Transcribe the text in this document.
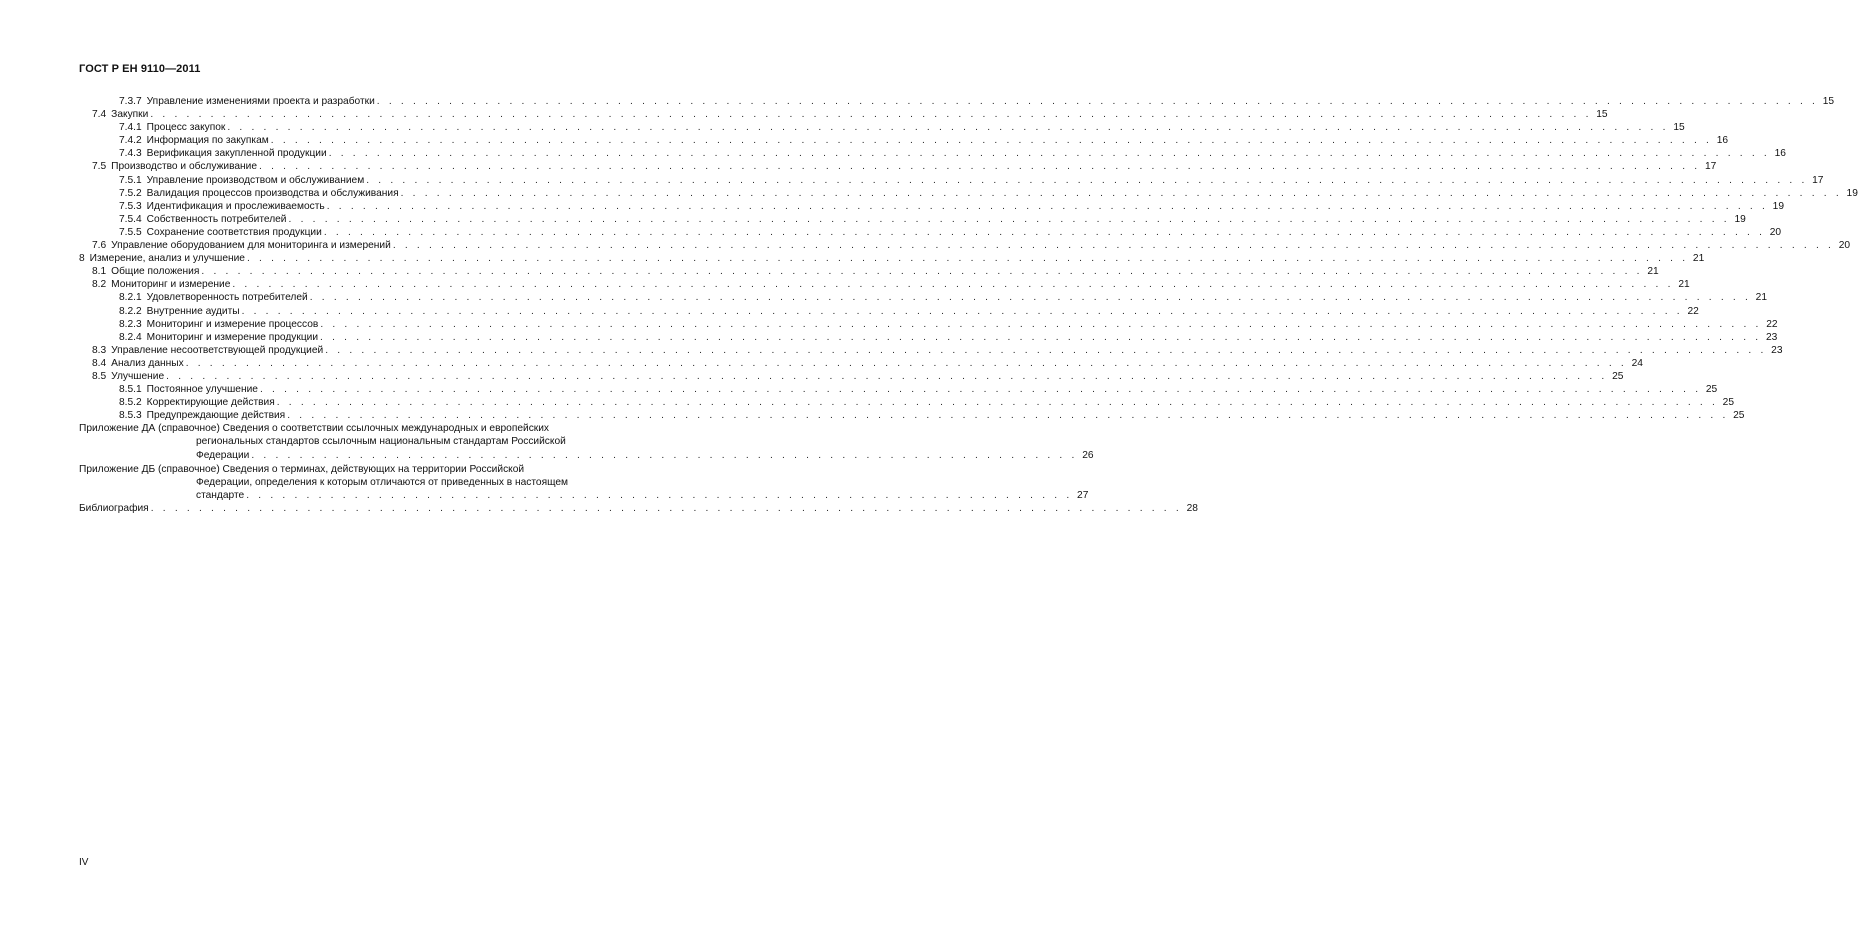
ГОСТ Р ЕН 9110—2011
7.3.7 Управление изменениями проекта и разработки . . . . . . . . . . . . . . . . . . . . . . . . . . . . . . . . . . . . . . . . . . . . . . . . . . . . . . . . . . . . . . . . . . . . . . . . . . . . . . . . . . . . . . . . . . . . . . . . . . . . . . . . . . . . . . . . . . . . . . . . 15
7.4 Закупки . . . . . . . . . . . . . . . . . . . . . . . . . . . . . . . . . . . . . . . . . . . . . . . . . . . . . . . . . . . . . . . . . . . . . . . . . . . . . . . . . . . . . . . . . . . . . . . . . . . . . . . . . . . . . . . . . . . . . . . . 15
7.4.1 Процесс закупок . . . . . . . . . . . . . . . . . . . . . . . . . . . . . . . . . . . . . . . . . . . . . . . . . . . . . . . . . . . . . . . . . . . . . . . . . . . . . . . . . . . . . . . . . . . . . . . . . . . . . . . . . . . . . . . . . . . . . . . . 15
7.4.2 Информация по закупкам . . . . . . . . . . . . . . . . . . . . . . . . . . . . . . . . . . . . . . . . . . . . . . . . . . . . . . . . . . . . . . . . . . . . . . . . . . . . . . . . . . . . . . . . . . . . . . . . . . . . . . . . . . . . . . . . . . . . . . . . 16
7.4.3 Верификация закупленной продукции . . . . . . . . . . . . . . . . . . . . . . . . . . . . . . . . . . . . . . . . . . . . . . . . . . . . . . . . . . . . . . . . . . . . . . . . . . . . . . . . . . . . . . . . . . . . . . . . . . . . . . . . . . . . . . . . . . . . . . . . 16
7.5 Производство и обслуживание . . . . . . . . . . . . . . . . . . . . . . . . . . . . . . . . . . . . . . . . . . . . . . . . . . . . . . . . . . . . . . . . . . . . . . . . . . . . . . . . . . . . . . . . . . . . . . . . . . . . . . . . . . . . . . . . . . . . . . . . 17
7.5.1 Управление производством и обслуживанием . . . . . . . . . . . . . . . . . . . . . . . . . . . . . . . . . . . . . . . . . . . . . . . . . . . . . . . . . . . . . . . . . . . . . . . . . . . . . . . . . . . . . . . . . . . . . . . . . . . . . . . . . . . . . . . . . . . . . . . . 17
7.5.2 Валидация процессов производства и обслуживания . . . . . . . . . . . . . . . . . . . . . . . . . . . . . . . . . . . . . . . . . . . . . . . . . . . . . . . . . . . . . . . . . . . . . . . . . . . . . . . . . . . . . . . . . . . . . . . . . . . . . . . . . . . . . . . . . . . . . . . . 19
7.5.3 Идентификация и прослеживаемость . . . . . . . . . . . . . . . . . . . . . . . . . . . . . . . . . . . . . . . . . . . . . . . . . . . . . . . . . . . . . . . . . . . . . . . . . . . . . . . . . . . . . . . . . . . . . . . . . . . . . . . . . . . . . . . . . . . . . . . . 19
7.5.4 Собственность потребителей . . . . . . . . . . . . . . . . . . . . . . . . . . . . . . . . . . . . . . . . . . . . . . . . . . . . . . . . . . . . . . . . . . . . . . . . . . . . . . . . . . . . . . . . . . . . . . . . . . . . . . . . . . . . . . . . . . . . . . . . 19
7.5.5 Сохранение соответствия продукции . . . . . . . . . . . . . . . . . . . . . . . . . . . . . . . . . . . . . . . . . . . . . . . . . . . . . . . . . . . . . . . . . . . . . . . . . . . . . . . . . . . . . . . . . . . . . . . . . . . . . . . . . . . . . . . . . . . . . . . . 20
7.6 Управление оборудованием для мониторинга и измерений . . . . . . . . . . . . . . . . . . . . . . . . . . . . . . . . . . . . . . . . . . . . . . . . . . . . . . . . . . . . . . . . . . . . . . . . . . . . . . . . . . . . . . . . . . . . . . . . . . . . . . . . . . . . . . . . . . . . . . . . 20
8 Измерение, анализ и улучшение . . . . . . . . . . . . . . . . . . . . . . . . . . . . . . . . . . . . . . . . . . . . . . . . . . . . . . . . . . . . . . . . . . . . . . . . . . . . . . . . . . . . . . . . . . . . . . . . . . . . . . . . . . . . . . . . . . . . . . . . 21
8.1 Общие положения . . . . . . . . . . . . . . . . . . . . . . . . . . . . . . . . . . . . . . . . . . . . . . . . . . . . . . . . . . . . . . . . . . . . . . . . . . . . . . . . . . . . . . . . . . . . . . . . . . . . . . . . . . . . . . . . . . . . . . . . 21
8.2 Мониторинг и измерение . . . . . . . . . . . . . . . . . . . . . . . . . . . . . . . . . . . . . . . . . . . . . . . . . . . . . . . . . . . . . . . . . . . . . . . . . . . . . . . . . . . . . . . . . . . . . . . . . . . . . . . . . . . . . . . . . . . . . . . . 21
8.2.1 Удовлетворенность потребителей . . . . . . . . . . . . . . . . . . . . . . . . . . . . . . . . . . . . . . . . . . . . . . . . . . . . . . . . . . . . . . . . . . . . . . . . . . . . . . . . . . . . . . . . . . . . . . . . . . . . . . . . . . . . . . . . . . . . . . . . 21
8.2.2 Внутренние аудиты . . . . . . . . . . . . . . . . . . . . . . . . . . . . . . . . . . . . . . . . . . . . . . . . . . . . . . . . . . . . . . . . . . . . . . . . . . . . . . . . . . . . . . . . . . . . . . . . . . . . . . . . . . . . . . . . . . . . . . . . 22
8.2.3 Мониторинг и измерение процессов . . . . . . . . . . . . . . . . . . . . . . . . . . . . . . . . . . . . . . . . . . . . . . . . . . . . . . . . . . . . . . . . . . . . . . . . . . . . . . . . . . . . . . . . . . . . . . . . . . . . . . . . . . . . . . . . . . . . . . . . 22
8.2.4 Мониторинг и измерение продукции . . . . . . . . . . . . . . . . . . . . . . . . . . . . . . . . . . . . . . . . . . . . . . . . . . . . . . . . . . . . . . . . . . . . . . . . . . . . . . . . . . . . . . . . . . . . . . . . . . . . . . . . . . . . . . . . . . . . . . . . 23
8.3 Управление несоответствующей продукцией . . . . . . . . . . . . . . . . . . . . . . . . . . . . . . . . . . . . . . . . . . . . . . . . . . . . . . . . . . . . . . . . . . . . . . . . . . . . . . . . . . . . . . . . . . . . . . . . . . . . . . . . . . . . . . . . . . . . . . . . 23
8.4 Анализ данных . . . . . . . . . . . . . . . . . . . . . . . . . . . . . . . . . . . . . . . . . . . . . . . . . . . . . . . . . . . . . . . . . . . . . . . . . . . . . . . . . . . . . . . . . . . . . . . . . . . . . . . . . . . . . . . . . . . . . . . . 24
8.5 Улучшение . . . . . . . . . . . . . . . . . . . . . . . . . . . . . . . . . . . . . . . . . . . . . . . . . . . . . . . . . . . . . . . . . . . . . . . . . . . . . . . . . . . . . . . . . . . . . . . . . . . . . . . . . . . . . . . . . . . . . . . . 25
8.5.1 Постоянное улучшение . . . . . . . . . . . . . . . . . . . . . . . . . . . . . . . . . . . . . . . . . . . . . . . . . . . . . . . . . . . . . . . . . . . . . . . . . . . . . . . . . . . . . . . . . . . . . . . . . . . . . . . . . . . . . . . . . . . . . . . . 25
8.5.2 Корректирующие действия . . . . . . . . . . . . . . . . . . . . . . . . . . . . . . . . . . . . . . . . . . . . . . . . . . . . . . . . . . . . . . . . . . . . . . . . . . . . . . . . . . . . . . . . . . . . . . . . . . . . . . . . . . . . . . . . . . . . . . . . 25
8.5.3 Предупреждающие действия . . . . . . . . . . . . . . . . . . . . . . . . . . . . . . . . . . . . . . . . . . . . . . . . . . . . . . . . . . . . . . . . . . . . . . . . . . . . . . . . . . . . . . . . . . . . . . . . . . . . . . . . . . . . . . . . . . . . . . . . 25
Приложение ДА (справочное) Сведения о соответствии ссылочных международных и европейских
региональных стандартов ссылочным национальным стандартам Российской
Федерации . . . . . . . . . . . . . . . . . . . . . . . . . . . . . . . . . . . . . . . . . . . . . . . . . . . . . . . . . . . . . . . . . . . . . 26
Приложение ДБ (справочное) Сведения о терминах, действующих на территории Российской
Федерации, определения к которым отличаются от приведенных в настоящем
стандарте . . . . . . . . . . . . . . . . . . . . . . . . . . . . . . . . . . . . . . . . . . . . . . . . . . . . . . . . . . . . . . . . . . . . . 27
Библиография . . . . . . . . . . . . . . . . . . . . . . . . . . . . . . . . . . . . . . . . . . . . . . . . . . . . . . . . . . . . . . . . . . . . . . . . . . . . . . . . . . . . . . 28
IV
